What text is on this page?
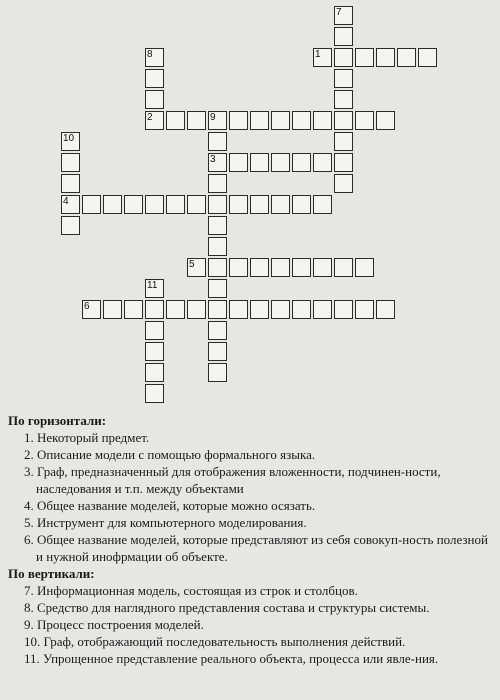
1
2
3
4
5
6
7
8
9
10
11

По горизонтали:

1. Некоторый предмет.

2. Описание модели с помощью формального языка.

3. Граф, предназначенный для отображения вложенности, подчинен-ности, наследования и т.п. между объектами

4. Общее название моделей, которые можно осязать.

5. Инструмент для компьютерного моделирования.

6. Общее название моделей, которые представляют из себя совокуп-ность полезной и нужной инофрмации об объекте.

По вертикали:

7. Информационная модель, состоящая из строк и столбцов.

8. Средство для наглядного представления состава и структуры системы.

9. Процесс построения моделей.

10. Граф, отображающий последовательность выполнения действий.

11. Упрощенное представление реального объекта, процесса или явле-ния.
